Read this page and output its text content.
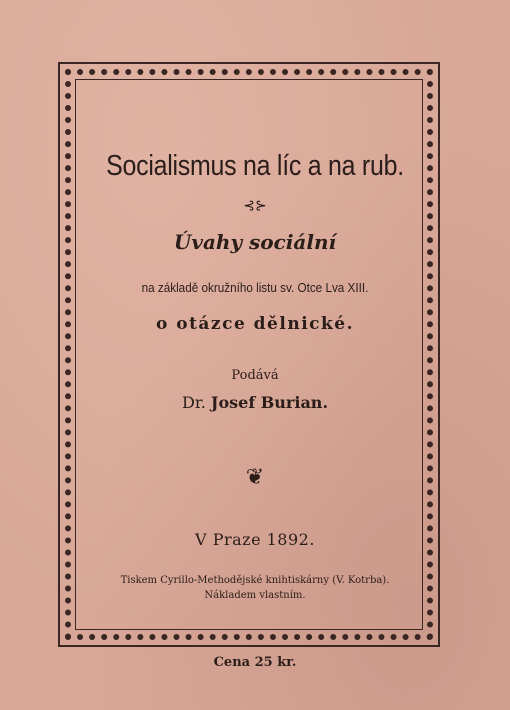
Socialismus na líc a na rub.
⊰⊱
Úvahy sociální
na základě okružního listu sv. Otce Lva XIII.
o otázce dělnické.
Podává
Dr. Josef Burian.
❦
V Praze 1892.
Tiskem Cyrillo-Methodějské knihtiskárny (V. Kotrba).
Nákladem vlastním.
Cena 25 kr.
